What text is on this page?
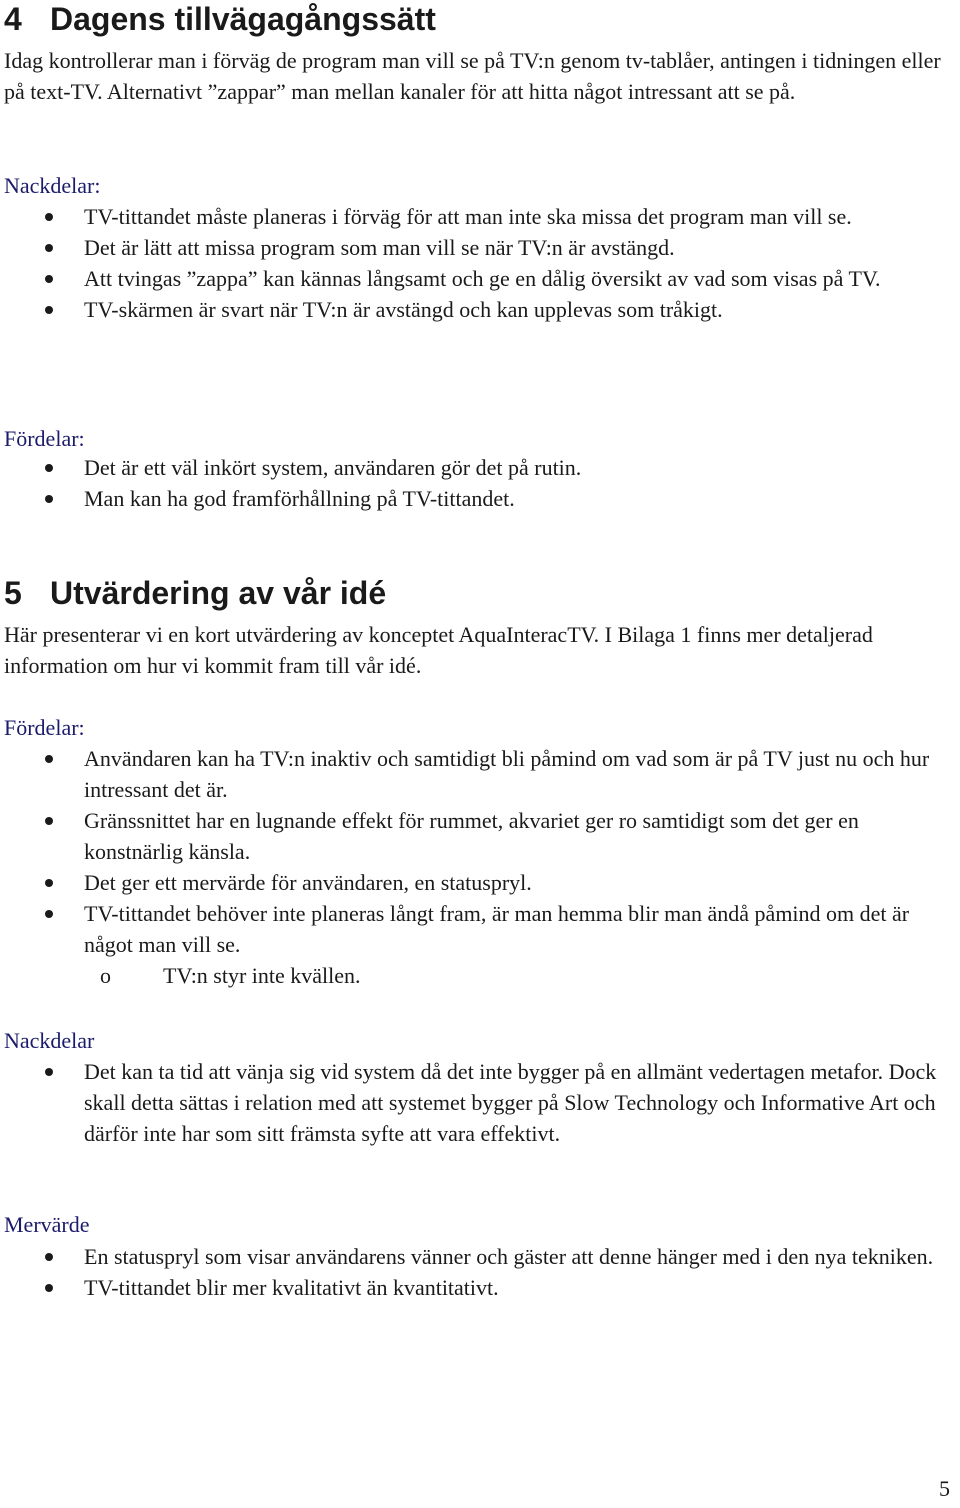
4 Dagens tillvägagångssätt

Idag kontrollerar man i förväg de program man vill se på TV:n genom tv-tablåer, antingen i tidningen eller på text-TV. Alternativt ”zappar” man mellan kanaler för att hitta något intressant att se på.

Nackdelar:

TV-tittandet måste planeras i förväg för att man inte ska missa det program man vill se.
Det är lätt att missa program som man vill se när TV:n är avstängd.
Att tvingas ”zappa” kan kännas långsamt och ge en dålig översikt av vad som visas på TV.
TV-skärmen är svart när TV:n är avstängd och kan upplevas som tråkigt.

Fördelar:

Det är ett väl inkört system, användaren gör det på rutin.
Man kan ha god framförhållning på TV-tittandet.
5 Utvärdering av vår idé

Här presenterar vi en kort utvärdering av konceptet AquaInteracTV. I Bilaga 1 finns mer detaljerad information om hur vi kommit fram till vår idé.

Fördelar:

Användaren kan ha TV:n inaktiv och samtidigt bli påmind om vad som är på TV just nu och hur intressant det är.
Gränssnittet har en lugnande effekt för rummet, akvariet ger ro samtidigt som det ger en konstnärlig känsla.
Det ger ett mervärde för användaren, en statuspryl.
TV-tittandet behöver inte planeras långt fram, är man hemma blir man ändå påmind om det är något man vill se.
o TV:n styr inte kvällen.

Nackdelar

Det kan ta tid att vänja sig vid system då det inte bygger på en allmänt vedertagen metafor. Dock skall detta sättas i relation med att systemet bygger på Slow Technology och Informative Art och därför inte har som sitt främsta syfte att vara effektivt.

Mervärde

En statuspryl som visar användarens vänner och gäster att denne hänger med i den nya tekniken.
TV-tittandet blir mer kvalitativt än kvantitativt.
5
